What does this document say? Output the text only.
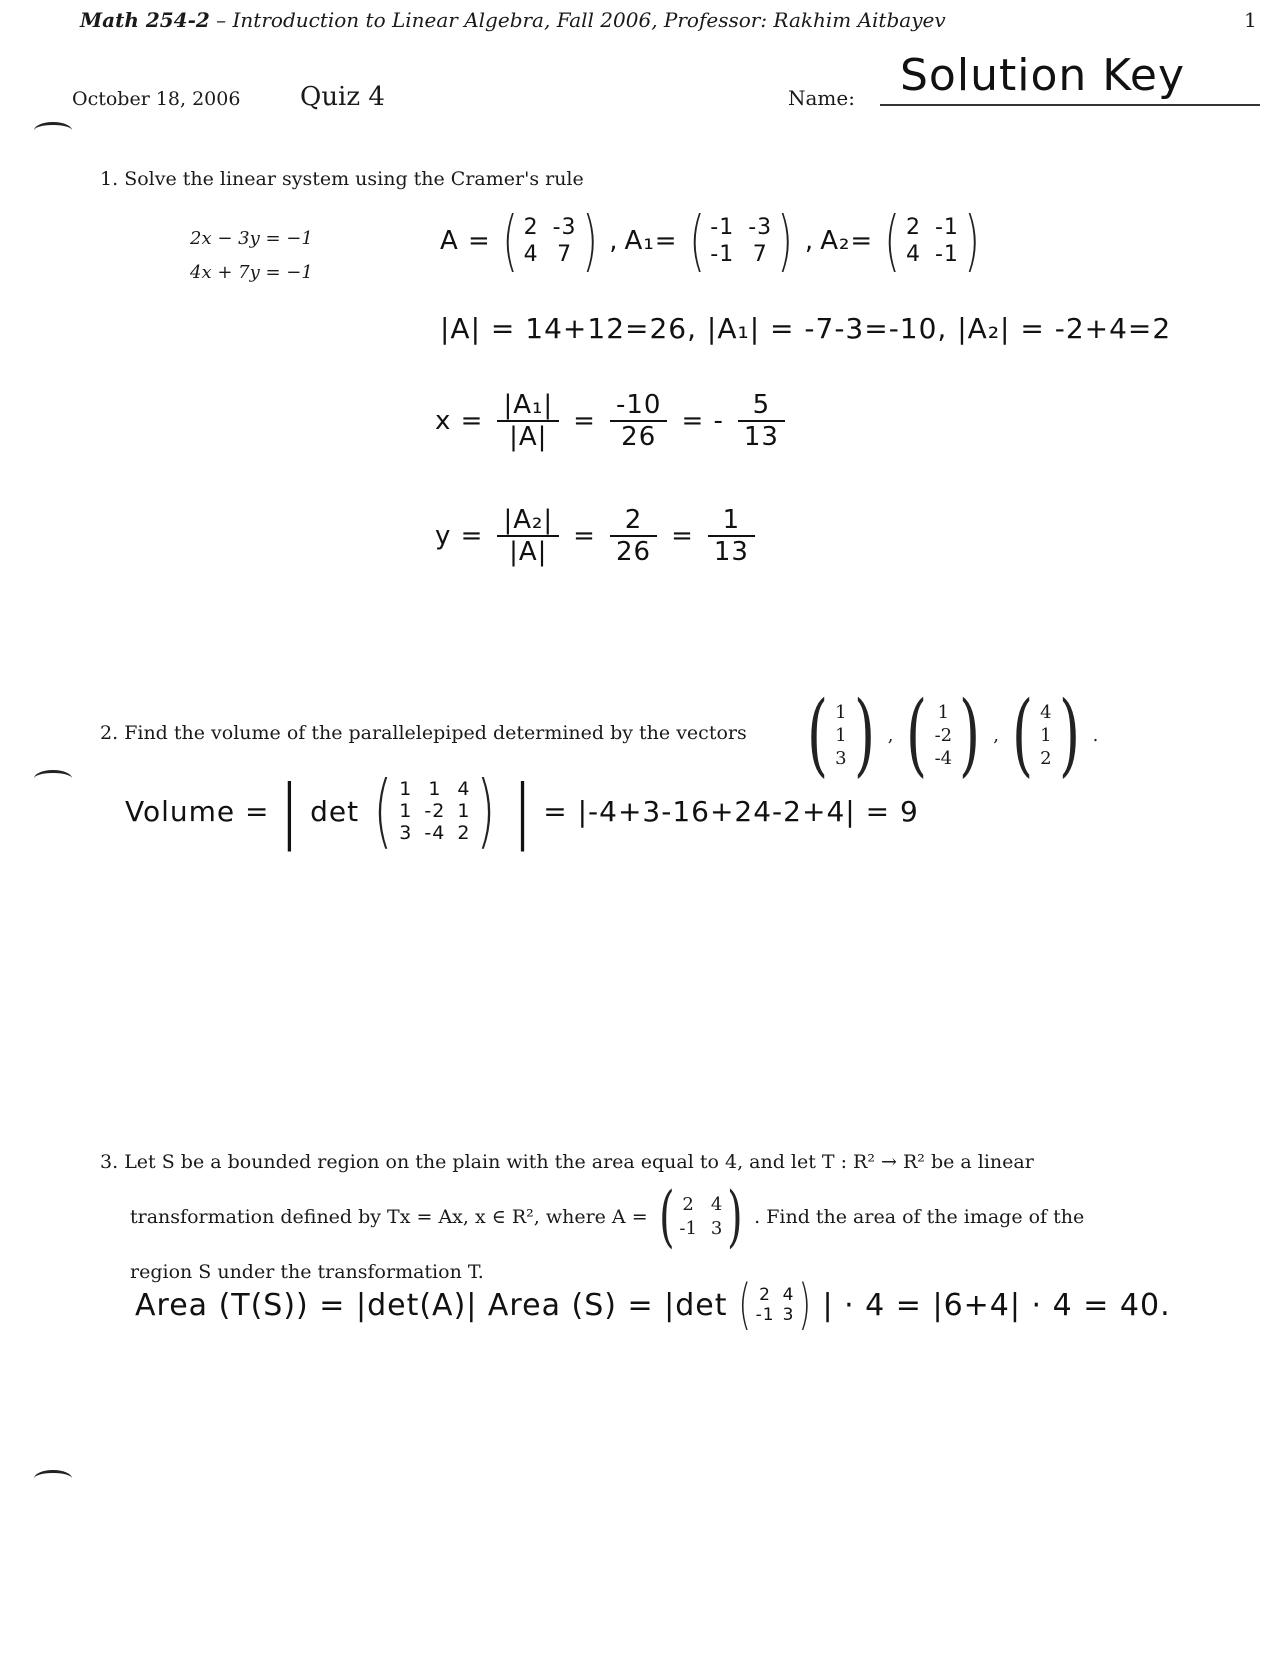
Math 254-2 – Introduction to Linear Algebra, Fall 2006, Professor: Rakhim Aitbayev	1
October 18, 2006 Quiz 4	Name: Solution Key
1. Solve the linear system using the Cramer's rule
2x − 3y = −1
4x + 7y = −1
A = ( 2 -3
4 7 ) , A₁= ( -1 -3
-1 7 ) , A₂= ( 2 -1
4 -1 )
|A| = 14+12=26, |A₁| = -7-3=-10, |A₂| = -2+4=2
$x = \frac{\text{|A₁|}}{|A|} = \frac{-10}{26}$ = - $\frac{5}{13}$
$y = \frac{\text{|A₂|}}{|A|} = \frac{2}{26} = \frac{1}{13}$
2. Find the volume of the parallelepiped determined by the vectors ( 1
1
3 ) , ( 1
-2
-4 ) , ( 4
1
2 ) .
Volume = | det ( 1 1 4
1 -2 1
3 -4 2 ) | = |-4+3-16+24-2+4| = 9
3. Let S be a bounded region on the plain with the area equal to 4, and let T : R² → R² be a linear
transformation defined by Tx = Ax, x ∈ R², where A = ( 2 4
-1 3 ) . Find the area of the image of the
region S under the transformation T.
Area (T(S)) = |det(A)| Area (S) = |det ( 2 4
-1 3 ) | · 4 = |6+4| · 4 = 40.
